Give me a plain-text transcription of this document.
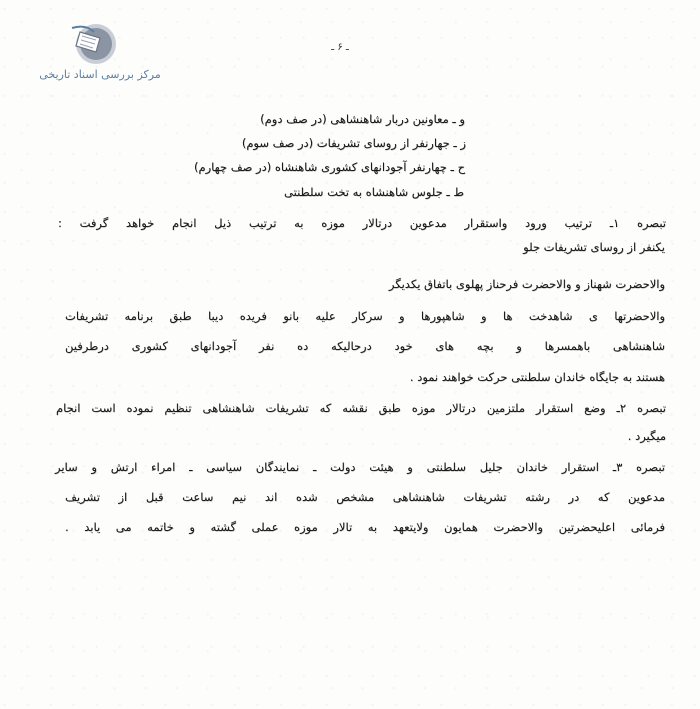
مرکز بررسی اسناد تاریخی
ـ ۶ ـ
و ـ معاونین دربار شاهنشاهی (در صف دوم)
ز ـ جهارنفر از روسای تشریفات (در صف سوم)
ح ـ چهارنفر آجودانهای کشوری شاهنشاه (در صف چهارم)
ط ـ جلوس شاهنشاه به تخت سلطنتی
تبصره ۱ـ ترتیب ورود واستقرار مدعوین درتالار موزه به ترتیب ذیل انجام خواهد گرفت :
یکنفر از روسای تشریفات جلو
والاحضرت شهناز و والاحضرت فرحناز پهلوی باتفاق یکدیگر
والاحضرتها ی شاهدخت ها و شاهپورها و سرکار علیه بانو فریده دیبا طبق برنامه تشریفات
شاهنشاهی باهمسرها و بچه های خود درحالیکه ده نفر آجودانهای کشوری درطرفین
هستند به جایگاه خاندان سلطنتی حرکت خواهند نمود .
تبصره ۲ـ وضع استقرار ملتزمین درتالار موزه طبق نقشه که تشریفات شاهنشاهی تنظیم نموده است انجام
میگیرد .
تبصره ۳ـ استقرار خاندان جلیل سلطنتی و هیئت دولت ـ نمایندگان سیاسی ـ امراء ارتش و سایر
مدعوین که در رشته تشریفات شاهنشاهی مشخص شده اند نیم ساعت قبل از تشریف
فرمائی اعلیحضرتین والاحضرت همایون ولایتعهد به تالار موزه عملی گشته و خاتمه می یابد .
